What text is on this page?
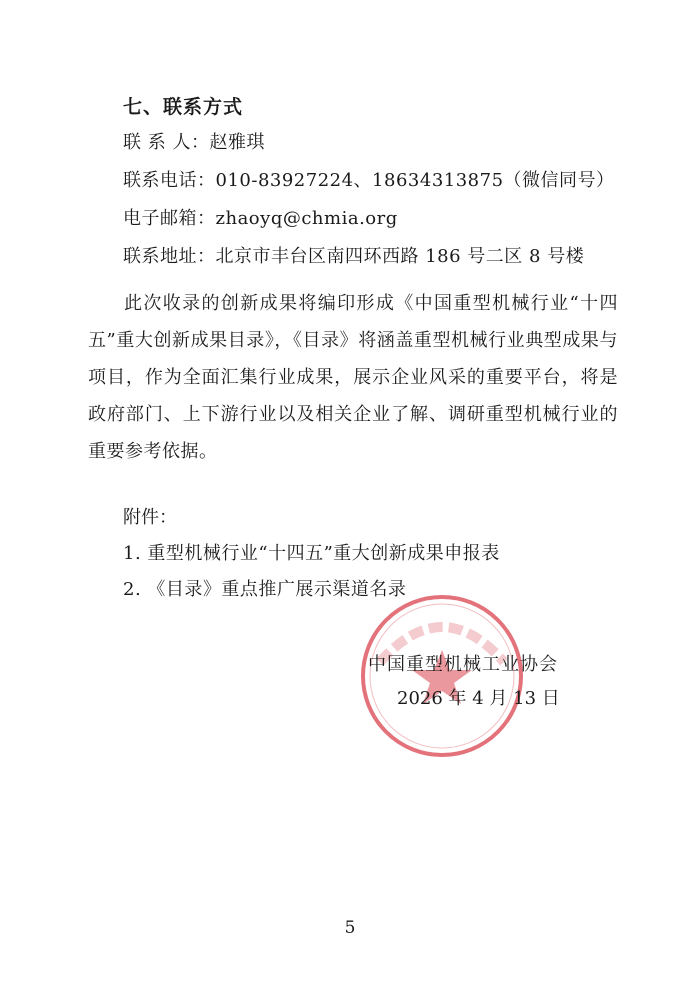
七、联系方式
联 系 人：赵雅琪
联系电话：010-83927224、18634313875（微信同号）
电子邮箱：zhaoyq@chmia.org
联系地址：北京市丰台区南四环西路 186 号二区 8 号楼
此次收录的创新成果将编印形成《中国重型机械行业“十四五”重大创新成果目录》，《目录》将涵盖重型机械行业典型成果与项目，作为全面汇集行业成果，展示企业风采的重要平台，将是政府部门、上下游行业以及相关企业了解、调研重型机械行业的重要参考依据。
附件：
1. 重型机械行业“十四五”重大创新成果申报表
2. 《目录》重点推广展示渠道名录
中国重型机械工业协会
2026 年 4 月 13 日
5
